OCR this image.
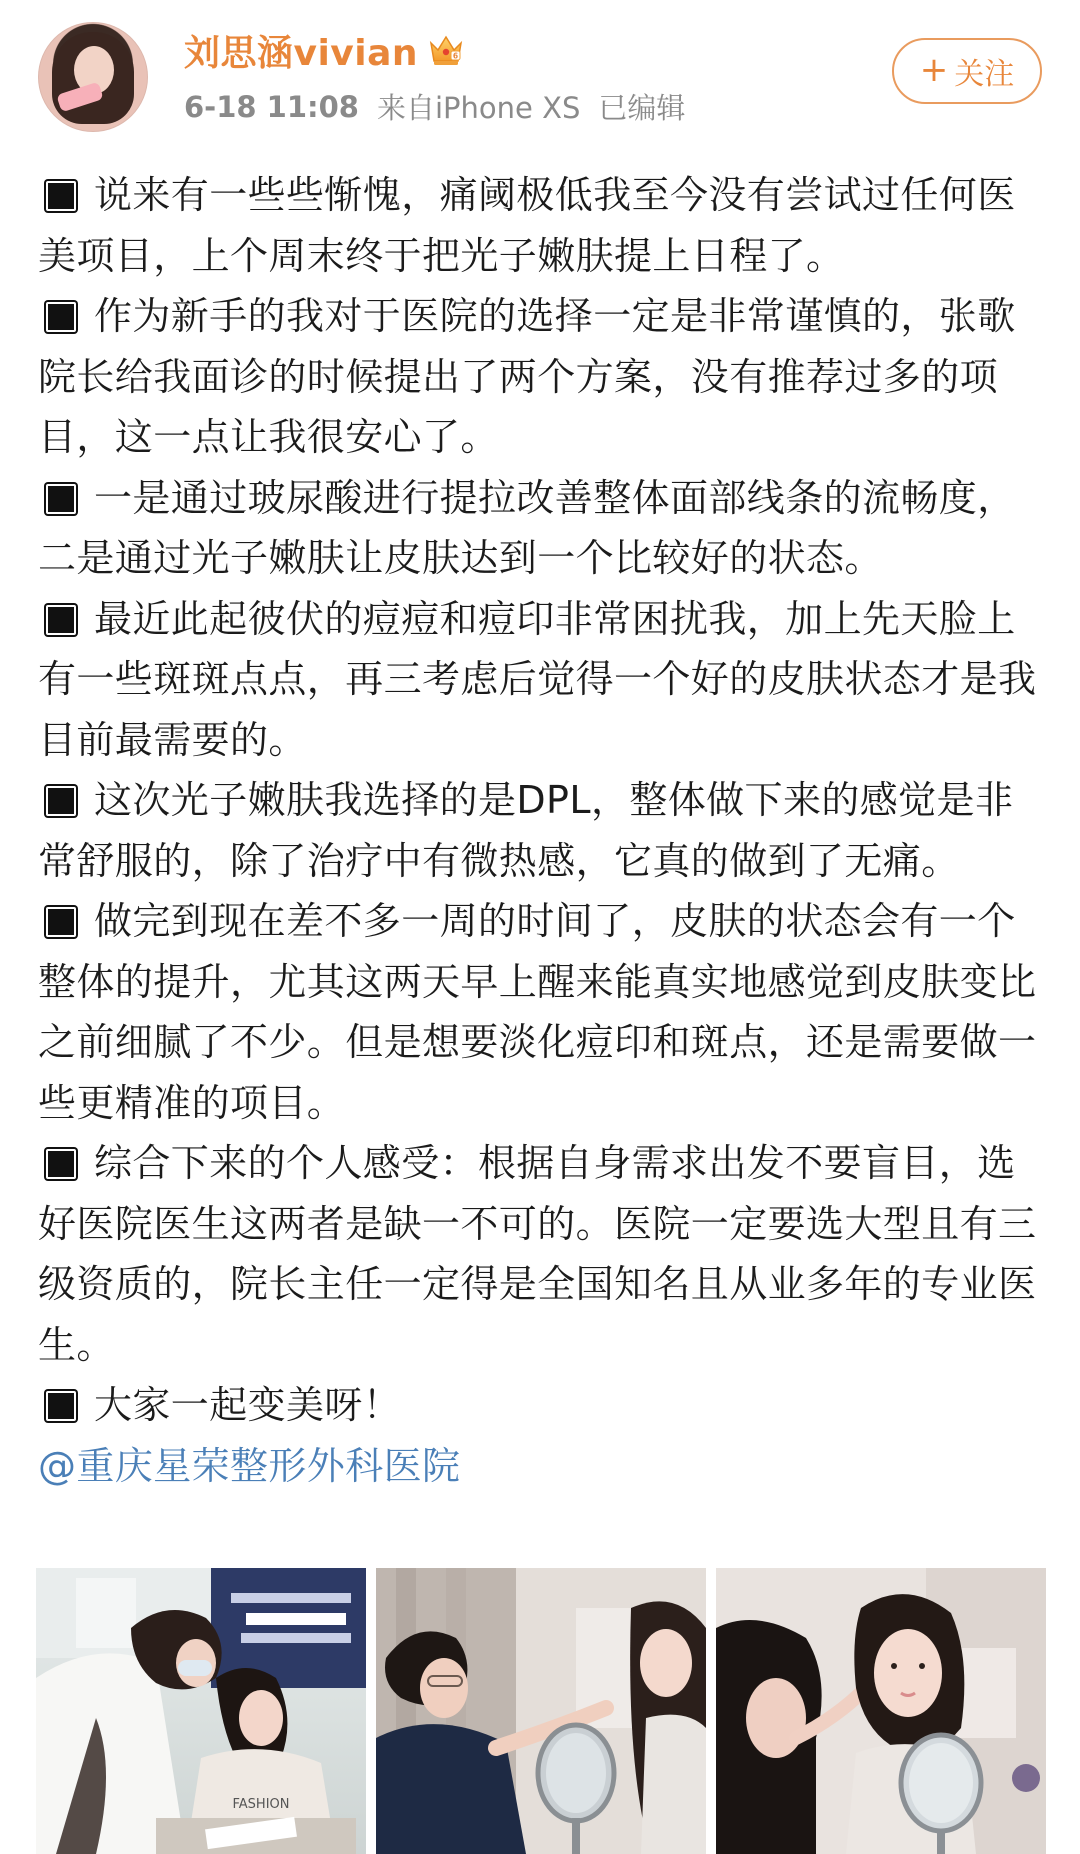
刘思涵vivian	6
6-18 11:08 来自iPhone XS 已编辑
+ 关注

说来有一些些惭愧，痛阈极低我至今没有尝试过任何医美项目，上个周末终于把光子嫩肤提上日程了。

作为新手的我对于医院的选择一定是非常谨慎的，张歌院长给我面诊的时候提出了两个方案，没有推荐过多的项目，这一点让我很安心了。

一是通过玻尿酸进行提拉改善整体面部线条的流畅度，二是通过光子嫩肤让皮肤达到一个比较好的状态。

最近此起彼伏的痘痘和痘印非常困扰我，加上先天脸上有一些斑斑点点，再三考虑后觉得一个好的皮肤状态才是我目前最需要的。

这次光子嫩肤我选择的是DPL，整体做下来的感觉是非常舒服的，除了治疗中有微热感，它真的做到了无痛。

做完到现在差不多一周的时间了，皮肤的状态会有一个整体的提升，尤其这两天早上醒来能真实地感觉到皮肤变比之前细腻了不少。但是想要淡化痘印和斑点，还是需要做一些更精准的项目。

综合下来的个人感受：根据自身需求出发不要盲目，选好医院医生这两者是缺一不可的。医院一定要选大型且有三级资质的，院长主任一定得是全国知名且从业多年的专业医生。

大家一起变美呀！

@重庆星荣整形外科医院

FASHION
